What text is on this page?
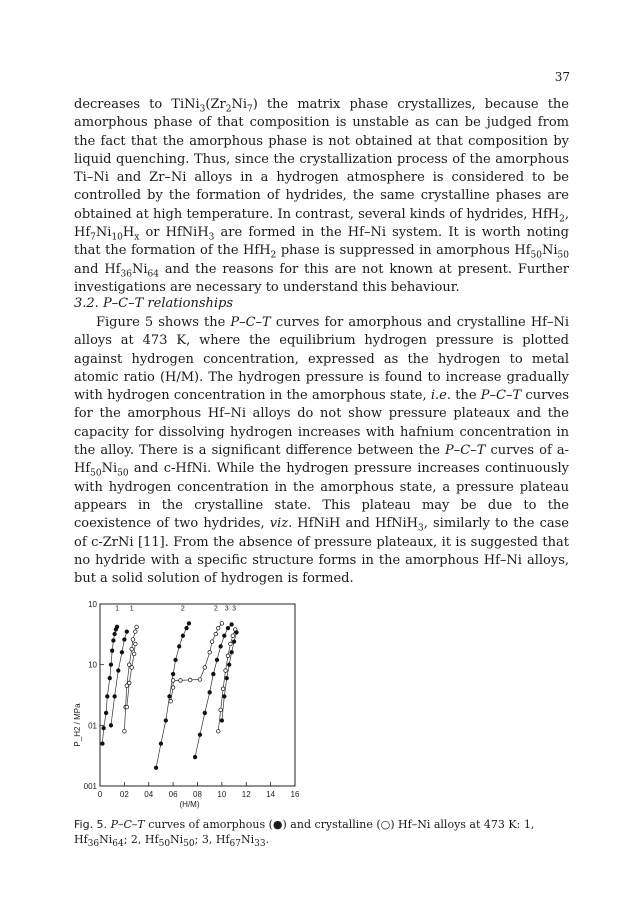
37

decreases to $TiNi_3(Zr_2Ni_7)$ the matrix phase crystallizes, because the amorphous phase of that composition is unstable as can be judged from the fact that the amorphous phase is not obtained at that composition by liquid quenching. Thus, since the crystallization process of the amorphous Ti–Ni and Zr–Ni alloys in a hydrogen atmosphere is considered to be controlled by the formation of hydrides, the same crystalline phases are obtained at high temperature. In contrast, several kinds of hydrides, HfH$_2$, $Hf_7Ni_{10}H_x$ or HfNiH$_3$ are formed in the Hf–Ni system. It is worth noting that the formation of the HfH$_2$ phase is suppressed in amorphous $Hf_{50}Ni_{50}$ and $Hf_{36}Ni_{64}$ and the reasons for this are not known at present. Further investigations are necessary to understand this behaviour.

3.2. P–C–T relationships

Figure 5 shows the P–C–T curves for amorphous and crystalline Hf–Ni alloys at 473 K, where the equilibrium hydrogen pressure is plotted against hydrogen concentration, expressed as the hydrogen to metal atomic ratio (H/M). The hydrogen pressure is found to increase gradually with hydrogen concentration in the amorphous state, i.e. the P–C–T curves for the amorphous Hf–Ni alloys do not show pressure plateaux and the capacity for dissolving hydrogen increases with hafnium concentration in the alloy. There is a significant difference between the P–C–T curves of $a-Hf_{50}Ni_{50}$ and c-HfNi. While the hydrogen pressure increases continuously with hydrogen concentration in the amorphous state, a pressure plateau appears in the crystalline state. This plateau may be due to the coexistence of two hydrides, viz. HfNiH and HfNiH$_3$, similarly to the case of c-ZrNi [11]. From the absence of pressure plateaux, it is suggested that no hydride with a specific structure forms in the amorphous Hf–Ni alloys, but a solid solution of hydrogen is formed.

0 02 04 06 08 10 12 14 16
10
10
01
001
(H/M)
P_H2 / MPa
1 1	2	2 3 3

Fig. 5. P–C–T curves of amorphous (●) and crystalline (○) Hf–Ni alloys at 473 K: 1, $Hf_{36}Ni_{64}$; 2, $Hf_{50}Ni_{50}$; 3, $Hf_{67}Ni_{33}$.
